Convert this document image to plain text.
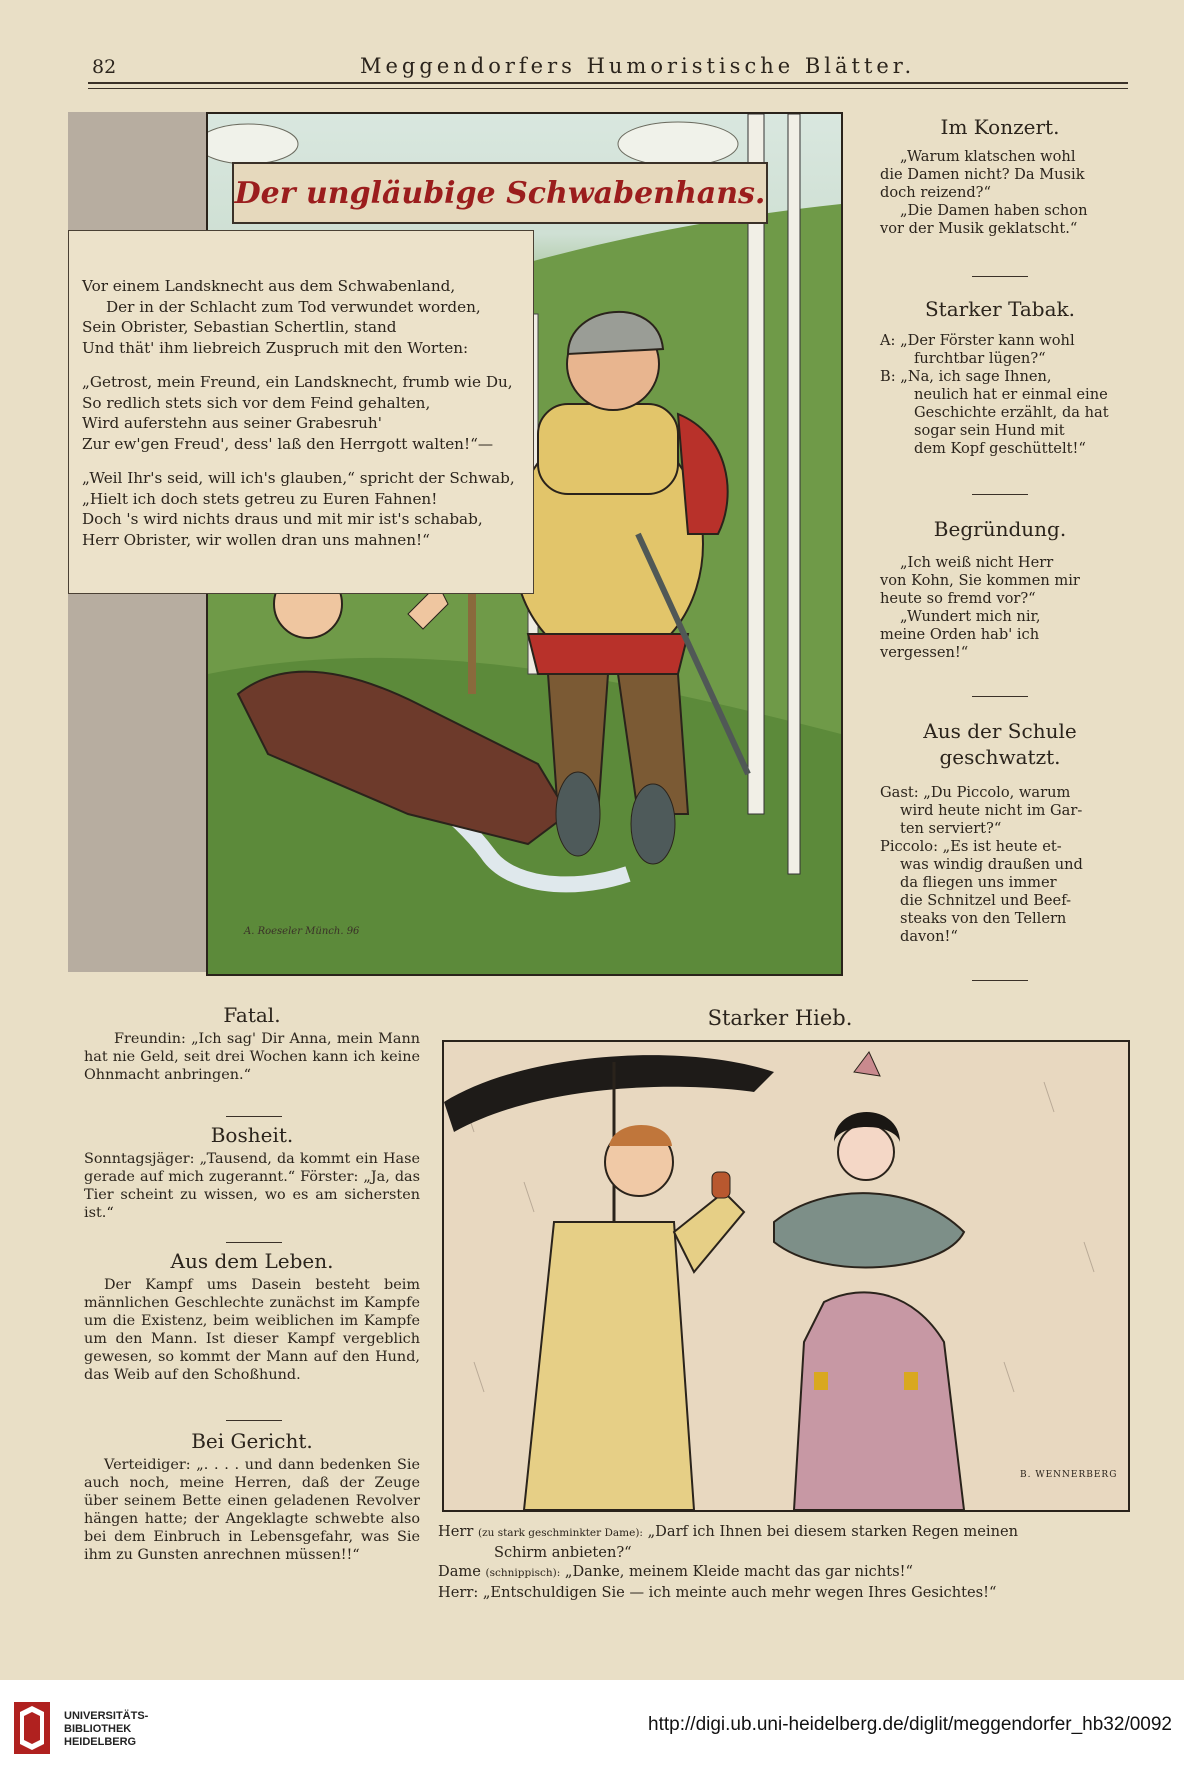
82	Meggendorfers Humoristische Blätter.
A. Roeseler Münch. 96
Der ungläubige Schwabenhans.

Vor einem Landsknecht aus dem Schwabenland,
Der in der Schlacht zum Tod verwundet worden,
Sein Obrister, Sebastian Schertlin, stand
Und thät' ihm liebreich Zuspruch mit den Worten:

„Getrost, mein Freund, ein Landsknecht, frumb wie Du,
So redlich stets sich vor dem Feind gehalten,
Wird auferstehn aus seiner Grabesruh'
Zur ew'gen Freud', dess' laß den Herrgott walten!“—

„Weil Ihr's seid, will ich's glauben,“ spricht der Schwab,
„Hielt ich doch stets getreu zu Euren Fahnen!
Doch 's wird nichts draus und mit mir ist's schabab,
Herr Obrister, wir wollen dran uns mahnen!“

Im Konzert.

„Warum klatschen wohl
die Damen nicht? Da Musik
doch reizend?“
„Die Damen haben schon
vor der Musik geklatscht.“

Starker Tabak.

A: „Der Förster kann wohl
furchtbar lügen?“
B: „Na, ich sage Ihnen,
neulich hat er einmal eine
Geschichte erzählt, da hat
sogar sein Hund mit
dem Kopf geschüttelt!“

Begründung.

„Ich weiß nicht Herr
von Kohn, Sie kommen mir
heute so fremd vor?“
„Wundert mich nir,
meine Orden hab' ich
vergessen!“

Aus der Schule geschwatzt.

Gast: „Du Piccolo, warum
wird heute nicht im Gar-
ten serviert?“
Piccolo: „Es ist heute et-
was windig draußen und
da fliegen uns immer
die Schnitzel und Beef-
steaks von den Tellern
davon!“

Fatal.

Freundin: „Ich sag' Dir Anna, mein Mann hat nie Geld, seit drei Wochen kann ich keine Ohnmacht anbringen.“

Bosheit.

Sonntagsjäger: „Tausend, da kommt ein Hase gerade auf mich zugerannt.“ Förster: „Ja, das Tier scheint zu wissen, wo es am sichersten ist.“

Aus dem Leben.

Der Kampf ums Dasein besteht beim männlichen Geschlechte zunächst im Kampfe um die Existenz, beim weiblichen im Kampfe um den Mann. Ist dieser Kampf vergeblich gewesen, so kommt der Mann auf den Hund, das Weib auf den Schoßhund.

Bei Gericht.

Verteidiger: „. . . . und dann bedenken Sie auch noch, meine Herren, daß der Zeuge über seinem Bette einen geladenen Revolver hängen hatte; der Angeklagte schwebte also bei dem Einbruch in Lebensgefahr, was Sie ihm zu Gunsten anrechnen müssen!!“

Starker Hieb.
B. WENNERBERG

Herr (zu stark geschminkter Dame): „Darf ich Ihnen bei diesem starken Regen meinen

Schirm anbieten?“

Dame (schnippisch): „Danke, meinem Kleide macht das gar nichts!“

Herr: „Entschuldigen Sie — ich meinte auch mehr wegen Ihres Gesichtes!“

UNIVERSITÄTS-
BIBLIOTHEK
HEIDELBERG
http://digi.ub.uni-heidelberg.de/diglit/meggendorfer_hb32/0092
